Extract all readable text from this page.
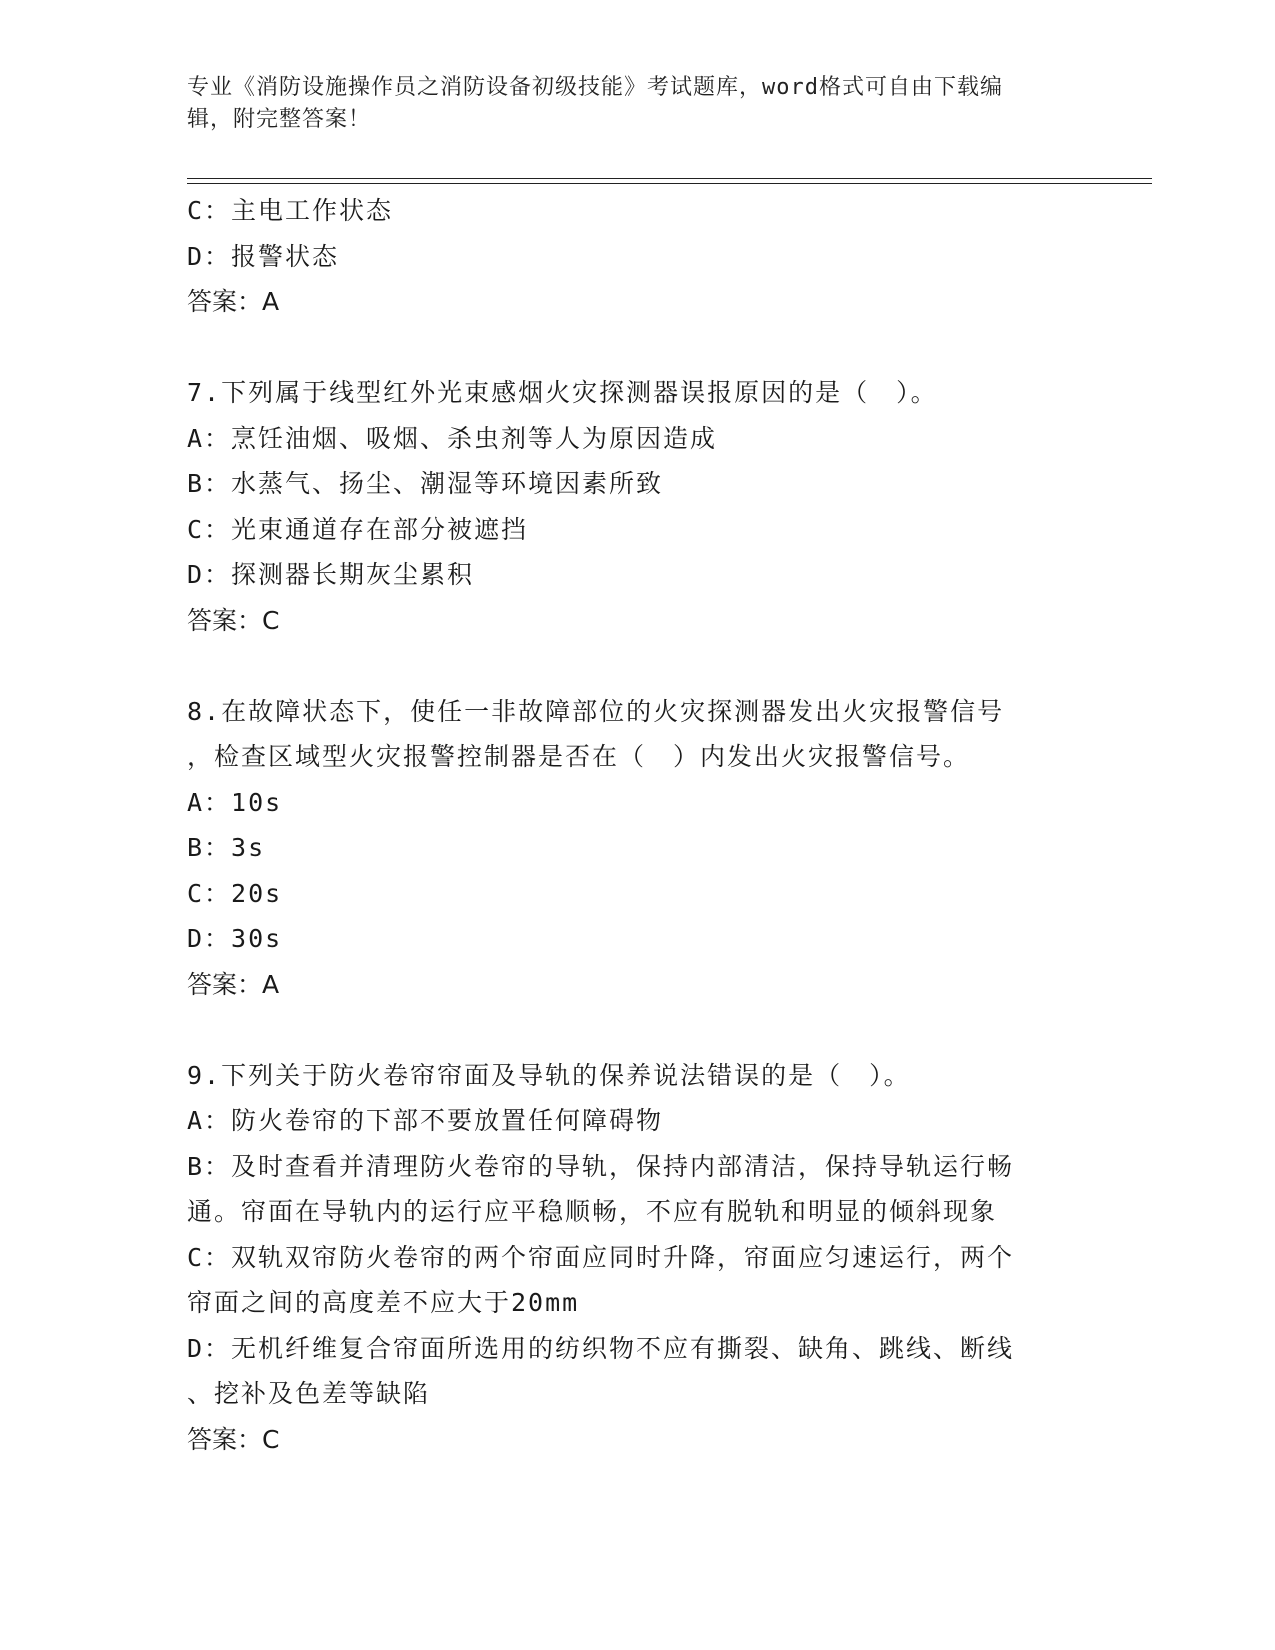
专业《消防设施操作员之消防设备初级技能》考试题库，word格式可自由下载编
辑，附完整答案！
C：主电工作状态
D：报警状态
答案：A
7.下列属于线型红外光束感烟火灾探测器误报原因的是（　）。
A：烹饪油烟、吸烟、杀虫剂等人为原因造成
B：水蒸气、扬尘、潮湿等环境因素所致
C：光束通道存在部分被遮挡
D：探测器长期灰尘累积
答案：C
8.在故障状态下，使任一非故障部位的火灾探测器发出火灾报警信号
，检查区域型火灾报警控制器是否在（　）内发出火灾报警信号。
A：10s
B：3s
C：20s
D：30s
答案：A
9.下列关于防火卷帘帘面及导轨的保养说法错误的是（　）。
A：防火卷帘的下部不要放置任何障碍物
B：及时查看并清理防火卷帘的导轨，保持内部清洁，保持导轨运行畅
通。帘面在导轨内的运行应平稳顺畅，不应有脱轨和明显的倾斜现象
C：双轨双帘防火卷帘的两个帘面应同时升降，帘面应匀速运行，两个
帘面之间的高度差不应大于20mm
D：无机纤维复合帘面所选用的纺织物不应有撕裂、缺角、跳线、断线
、挖补及色差等缺陷
答案：C
